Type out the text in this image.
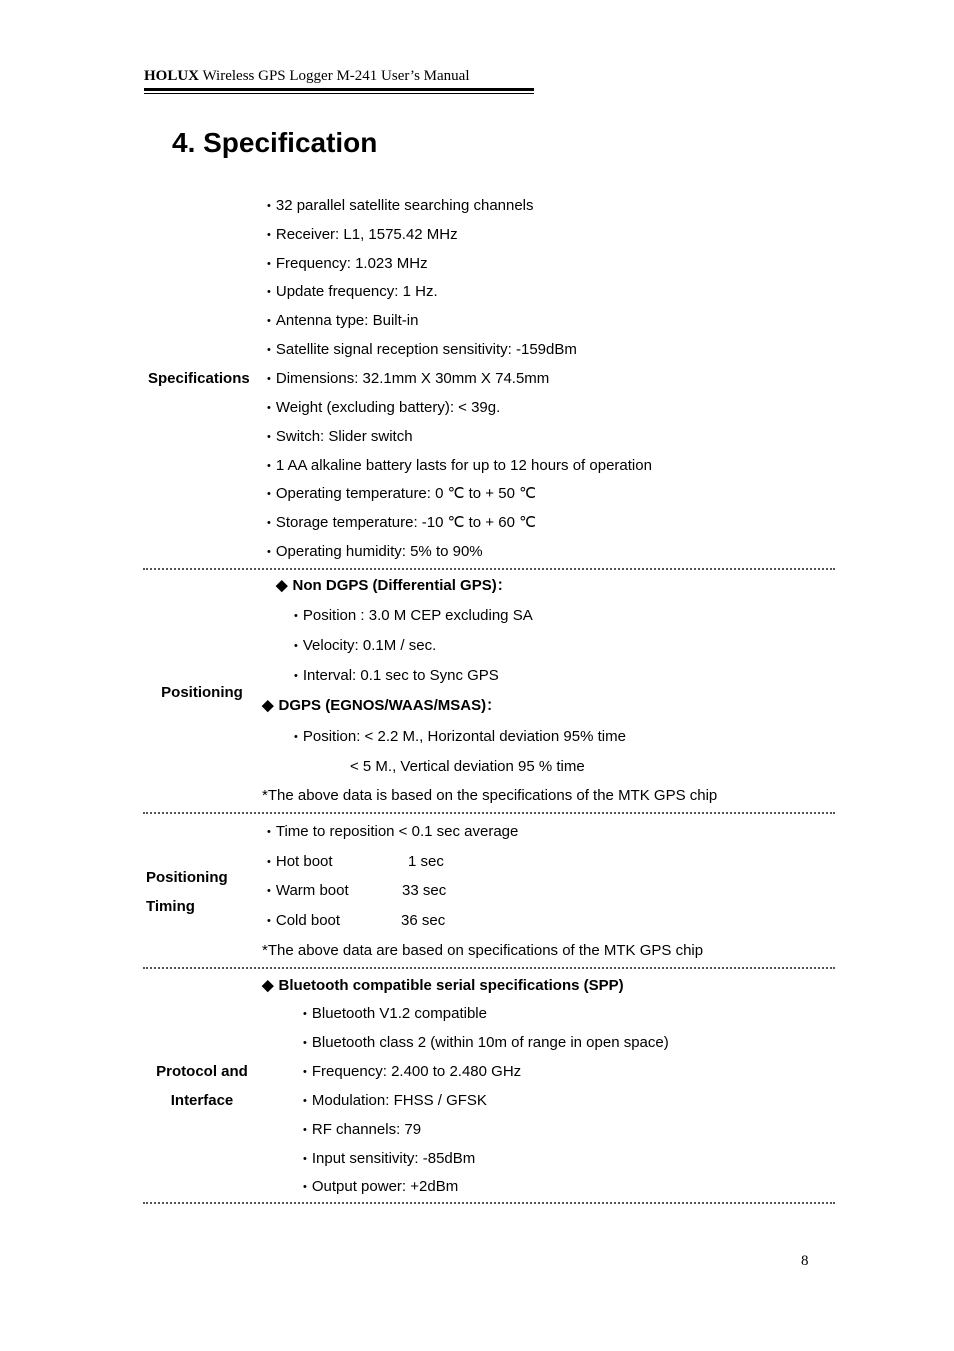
HOLUX Wireless GPS Logger M-241 User’s Manual
4. Specification
Specifications
• 32 parallel satellite searching channels
• Receiver: L1, 1575.42 MHz
• Frequency: 1.023 MHz
• Update frequency: 1 Hz.
• Antenna type: Built-in
• Satellite signal reception sensitivity: -159dBm
• Dimensions: 32.1mm X 30mm X 74.5mm
• Weight (excluding battery): < 39g.
• Switch: Slider switch
• 1 AA alkaline battery lasts for up to 12 hours of operation
• Operating temperature: 0 ℃ to + 50 ℃
• Storage temperature: -10 ℃ to + 60 ℃
• Operating humidity: 5% to 90%
Positioning
◆ Non DGPS (Differential GPS)：
• Position : 3.0 M CEP excluding SA
• Velocity: 0.1M / sec.
• Interval: 0.1 sec to Sync GPS
◆ DGPS (EGNOS/WAAS/MSAS)：
• Position: < 2.2 M., Horizontal deviation 95% time
< 5 M., Vertical deviation 95 % time
*The above data is based on the specifications of the MTK GPS chip
Positioning
Timing
• Time to reposition < 0.1 sec average
• Hot boot	1 sec
• Warm boot	33 sec
• Cold boot	36 sec
*The above data are based on specifications of the MTK GPS chip
Protocol and
Interface
◆ Bluetooth compatible serial specifications (SPP)
• Bluetooth V1.2 compatible
• Bluetooth class 2 (within 10m of range in open space)
• Frequency: 2.400 to 2.480 GHz
• Modulation: FHSS / GFSK
• RF channels: 79
• Input sensitivity: -85dBm
• Output power: +2dBm
8
